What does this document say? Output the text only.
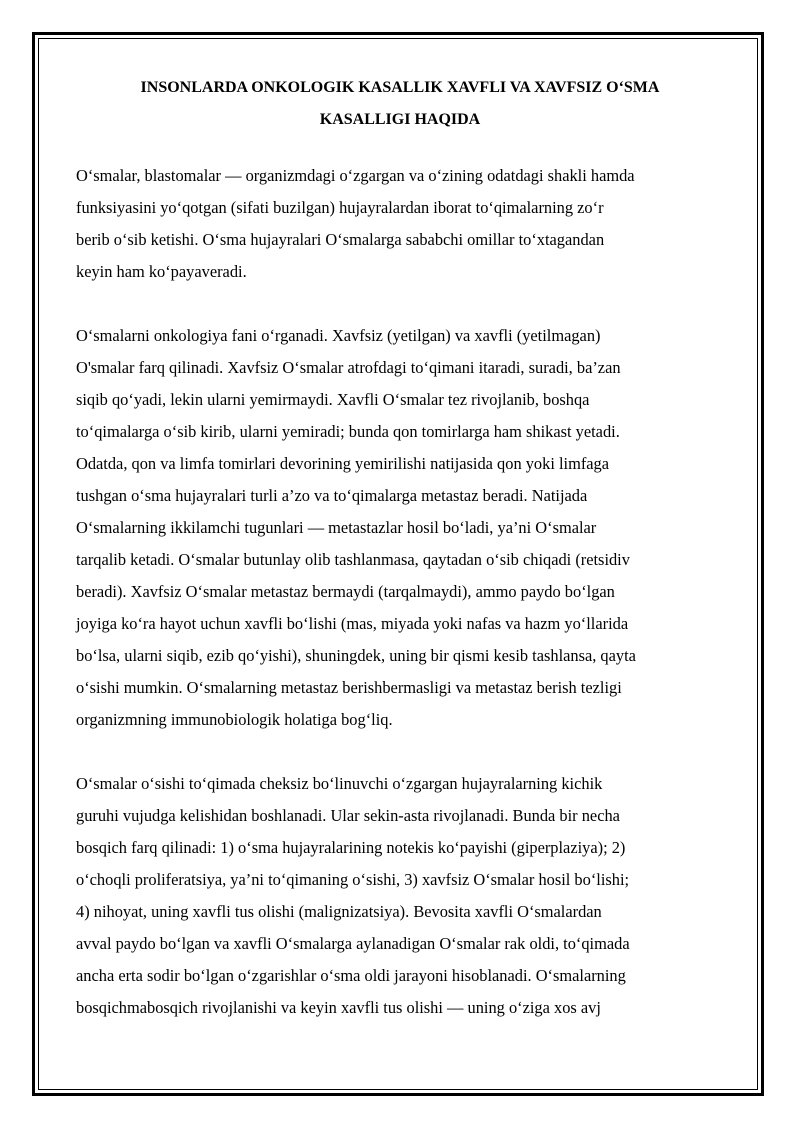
INSONLARDA ONKOLOGIK KASALLIK XAVFLI VA XAVFSIZ O‘SMA
KASALLIGI HAQIDA

O‘smalar, blastomalar — organizmdagi o‘zgargan va o‘zining odatdagi shakli hamda
funksiyasini yo‘qotgan (sifati buzilgan) hujayralardan iborat to‘qimalarning zo‘r
berib o‘sib ketishi. O‘sma hujayralari O‘smalarga sababchi omillar to‘xtagandan
keyin ham ko‘payaveradi.

O‘smalarni onkologiya fani o‘rganadi. Xavfsiz (yetilgan) va xavfli (yetilmagan)
O'smalar farq qilinadi. Xavfsiz O‘smalar atrofdagi to‘qimani itaradi, suradi, ba’zan
siqib qo‘yadi, lekin ularni yemirmaydi. Xavfli O‘smalar tez rivojlanib, boshqa
to‘qimalarga o‘sib kirib, ularni yemiradi; bunda qon tomirlarga ham shikast yetadi.
Odatda, qon va limfa tomirlari devorining yemirilishi natijasida qon yoki limfaga
tushgan o‘sma hujayralari turli a’zo va to‘qimalarga metastaz beradi. Natijada
O‘smalarning ikkilamchi tugunlari — metastazlar hosil bo‘ladi, ya’ni O‘smalar
tarqalib ketadi. O‘smalar butunlay olib tashlanmasa, qaytadan o‘sib chiqadi (retsidiv
beradi). Xavfsiz O‘smalar metastaz bermaydi (tarqalmaydi), ammo paydo bo‘lgan
joyiga ko‘ra hayot uchun xavfli bo‘lishi (mas, miyada yoki nafas va hazm yo‘llarida
bo‘lsa, ularni siqib, ezib qo‘yishi), shuningdek, uning bir qismi kesib tashlansa, qayta
o‘sishi mumkin. O‘smalarning metastaz berishbermasligi va metastaz berish tezligi
organizmning immunobiologik holatiga bog‘liq.

O‘smalar o‘sishi to‘qimada cheksiz bo‘linuvchi o‘zgargan hujayralarning kichik
guruhi vujudga kelishidan boshlanadi. Ular sekin-asta rivojlanadi. Bunda bir necha
bosqich farq qilinadi: 1) o‘sma hujayralarining notekis ko‘payishi (giperplaziya); 2)
o‘choqli proliferatsiya, ya’ni to‘qimaning o‘sishi, 3) xavfsiz O‘smalar hosil bo‘lishi;
4) nihoyat, uning xavfli tus olishi (malignizatsiya). Bevosita xavfli O‘smalardan
avval paydo bo‘lgan va xavfli O‘smalarga aylanadigan O‘smalar rak oldi, to‘qimada
ancha erta sodir bo‘lgan o‘zgarishlar o‘sma oldi jarayoni hisoblanadi. O‘smalarning
bosqichmabosqich rivojlanishi va keyin xavfli tus olishi — uning o‘ziga xos avj
